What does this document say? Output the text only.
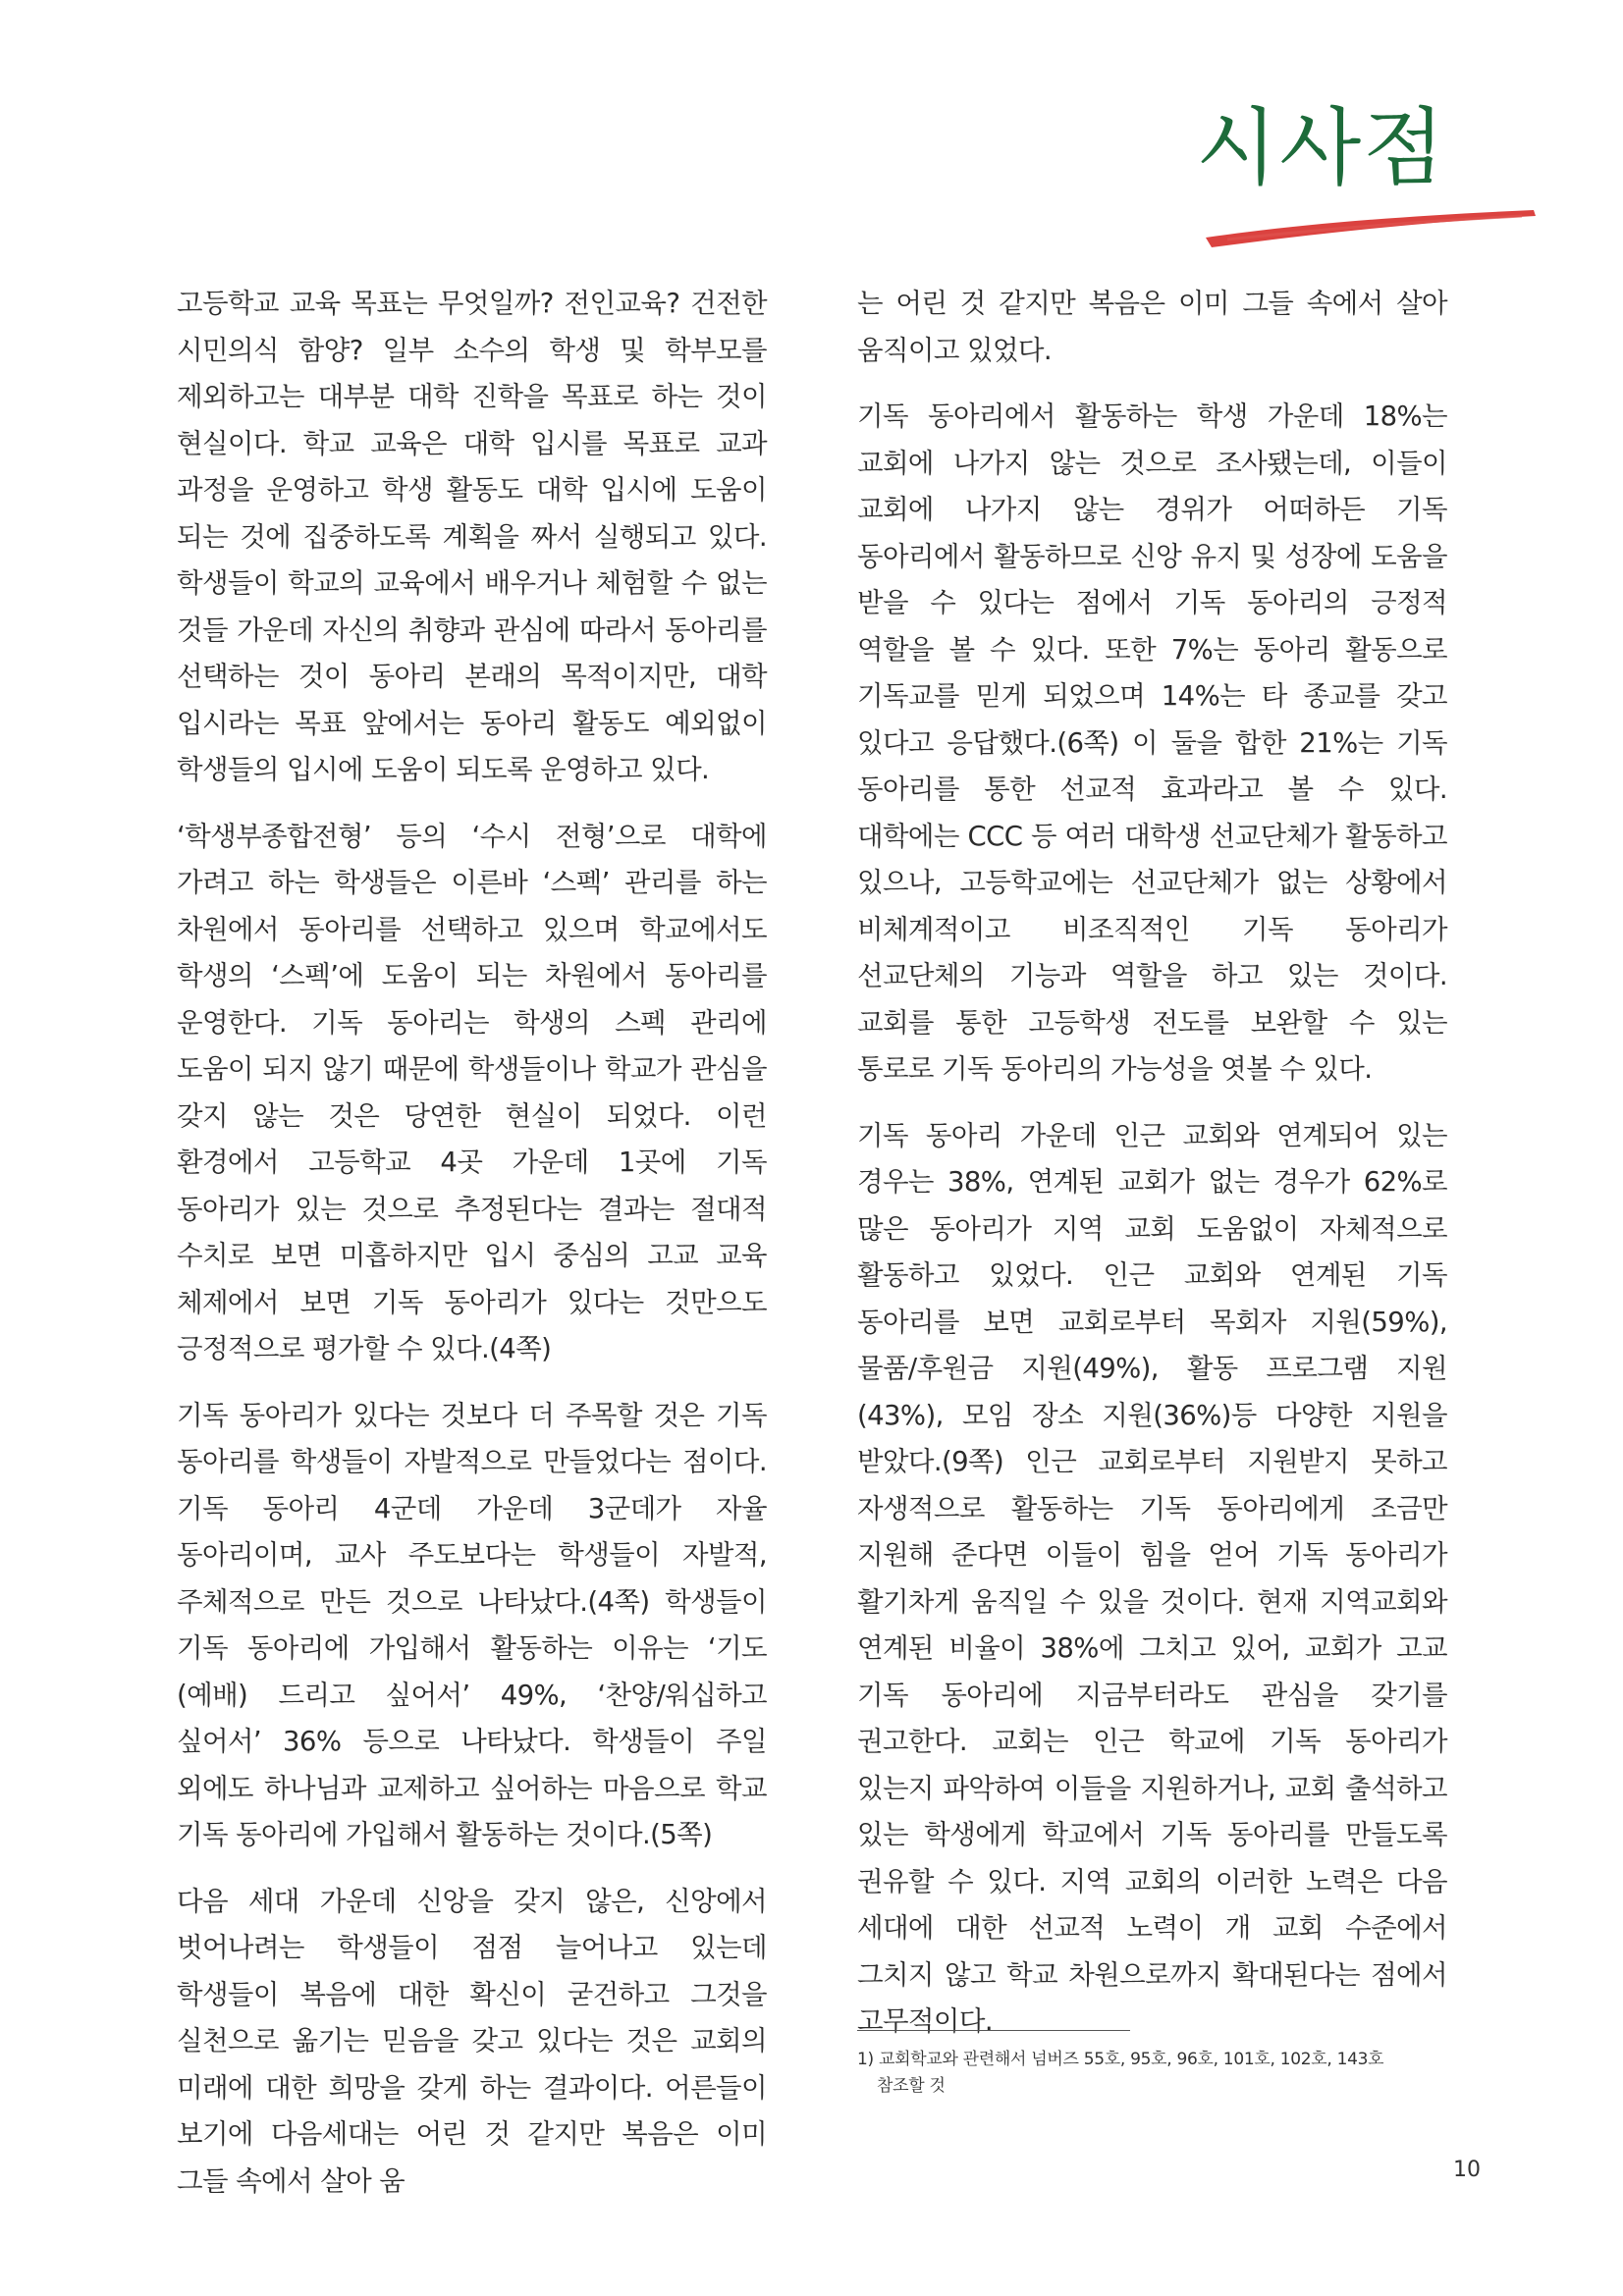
시사점

고등학교 교육 목표는 무엇일까? 전인교육? 건전한 시민의식 함양? 일부 소수의 학생 및 학부모를 제외하고는 대부분 대학 진학을 목표로 하는 것이 현실이다. 학교 교육은 대학 입시를 목표로 교과 과정을 운영하고 학생 활동도 대학 입시에 도움이 되는 것에 집중하도록 계획을 짜서 실행되고 있다. 학생들이 학교의 교육에서 배우거나 체험할 수 없는 것들 가운데 자신의 취향과 관심에 따라서 동아리를 선택하는 것이 동아리 본래의 목적이지만, 대학 입시라는 목표 앞에서는 동아리 활동도 예외없이 학생들의 입시에 도움이 되도록 운영하고 있다.

‘학생부종합전형’ 등의 ‘수시 전형’으로 대학에 가려고 하는 학생들은 이른바 ‘스펙’ 관리를 하는 차원에서 동아리를 선택하고 있으며 학교에서도 학생의 ‘스펙’에 도움이 되는 차원에서 동아리를 운영한다. 기독 동아리는 학생의 스펙 관리에 도움이 되지 않기 때문에 학생들이나 학교가 관심을 갖지 않는 것은 당연한 현실이 되었다. 이런 환경에서 고등학교 4곳 가운데 1곳에 기독 동아리가 있는 것으로 추정된다는 결과는 절대적 수치로 보면 미흡하지만 입시 중심의 고교 교육 체제에서 보면 기독 동아리가 있다는 것만으도 긍정적으로 평가할 수 있다.(4쪽)

기독 동아리가 있다는 것보다 더 주목할 것은 기독 동아리를 학생들이 자발적으로 만들었다는 점이다. 기독 동아리 4군데 가운데 3군데가 자율 동아리이며, 교사 주도보다는 학생들이 자발적, 주체적으로 만든 것으로 나타났다.(4쪽) 학생들이 기독 동아리에 가입해서 활동하는 이유는 ‘기도(예배) 드리고 싶어서’ 49%, ‘찬양/워십하고 싶어서’ 36% 등으로 나타났다. 학생들이 주일 외에도 하나님과 교제하고 싶어하는 마음으로 학교 기독 동아리에 가입해서 활동하는 것이다.(5쪽)

다음 세대 가운데 신앙을 갖지 않은, 신앙에서 벗어나려는 학생들이 점점 늘어나고 있는데 학생들이 복음에 대한 확신이 굳건하고 그것을 실천으로 옮기는 믿음을 갖고 있다는 것은 교회의 미래에 대한 희망을 갖게 하는 결과이다. 어른들이 보기에 다음세대는 어린 것 같지만 복음은 이미 그들 속에서 살아 움

는 어린 것 같지만 복음은 이미 그들 속에서 살아 움직이고 있었다.

기독 동아리에서 활동하는 학생 가운데 18%는 교회에 나가지 않는 것으로 조사됐는데, 이들이 교회에 나가지 않는 경위가 어떠하든 기독 동아리에서 활동하므로 신앙 유지 및 성장에 도움을 받을 수 있다는 점에서 기독 동아리의 긍정적 역할을 볼 수 있다. 또한 7%는 동아리 활동으로 기독교를 믿게 되었으며 14%는 타 종교를 갖고 있다고 응답했다.(6쪽) 이 둘을 합한 21%는 기독 동아리를 통한 선교적 효과라고 볼 수 있다. 대학에는 CCC 등 여러 대학생 선교단체가 활동하고 있으나, 고등학교에는 선교단체가 없는 상황에서 비체계적이고 비조직적인 기독 동아리가 선교단체의 기능과 역할을 하고 있는 것이다. 교회를 통한 고등학생 전도를 보완할 수 있는 통로로 기독 동아리의 가능성을 엿볼 수 있다.

기독 동아리 가운데 인근 교회와 연계되어 있는 경우는 38%, 연계된 교회가 없는 경우가 62%로 많은 동아리가 지역 교회 도움없이 자체적으로 활동하고 있었다. 인근 교회와 연계된 기독 동아리를 보면 교회로부터 목회자 지원(59%), 물품/후원금 지원(49%), 활동 프로그램 지원(43%), 모임 장소 지원(36%)등 다양한 지원을 받았다.(9쪽) 인근 교회로부터 지원받지 못하고 자생적으로 활동하는 기독 동아리에게 조금만 지원해 준다면 이들이 힘을 얻어 기독 동아리가 활기차게 움직일 수 있을 것이다. 현재 지역교회와 연계된 비율이 38%에 그치고 있어, 교회가 고교 기독 동아리에 지금부터라도 관심을 갖기를 권고한다. 교회는 인근 학교에 기독 동아리가 있는지 파악하여 이들을 지원하거나, 교회 출석하고 있는 학생에게 학교에서 기독 동아리를 만들도록 권유할 수 있다. 지역 교회의 이러한 노력은 다음 세대에 대한 선교적 노력이 개 교회 수준에서 그치지 않고 학교 차원으로까지 확대된다는 점에서 고무적이다.

1) 교회학교와 관련해서 넘버즈 55호, 95호, 96호, 101호, 102호, 143호
참조할 것
10
